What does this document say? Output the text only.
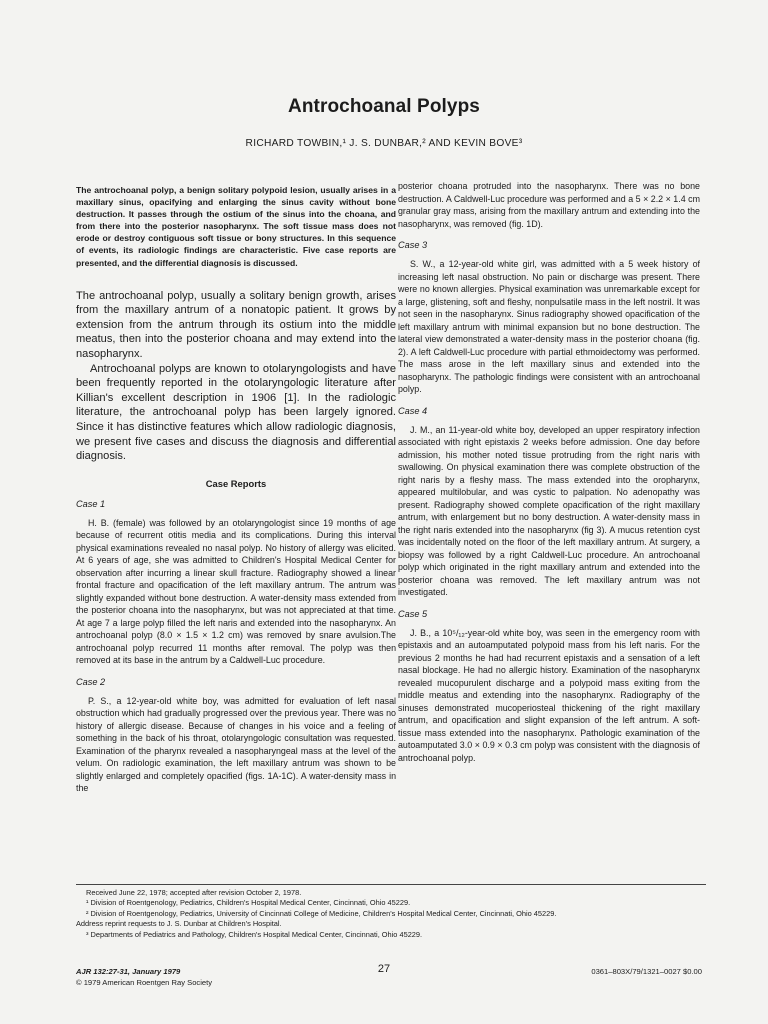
Antrochoanal Polyps
RICHARD TOWBIN,¹ J. S. DUNBAR,² AND KEVIN BOVE³

The antrochoanal polyp, a benign solitary polypoid lesion, usually arises in a maxillary sinus, opacifying and enlarging the sinus cavity without bone destruction. It passes through the ostium of the sinus into the choana, and from there into the posterior nasopharynx. The soft tissue mass does not erode or destroy contiguous soft tissue or bony structures. In this sequence of events, its radiologic findings are characteristic. Five case reports are presented, and the differential diagnosis is discussed.

The antrochoanal polyp, usually a solitary benign growth, arises from the maxillary antrum of a nonatopic patient. It grows by extension from the antrum through its ostium into the middle meatus, then into the posterior choana and may extend into the nasopharynx.

Antrochoanal polyps are known to otolaryngologists and have been frequently reported in the otolaryngologic literature after Killian's excellent description in 1906 [1]. In the radiologic literature, the antrochoanal polyp has been largely ignored. Since it has distinctive features which allow radiologic diagnosis, we present five cases and discuss the diagnosis and differential diagnosis.

Case Reports
Case 1

H. B. (female) was followed by an otolaryngologist since 19 months of age because of recurrent otitis media and its complications. During this interval physical examinations revealed no nasal polyp. No history of allergy was elicited. At 6 years of age, she was admitted to Children's Hospital Medical Center for observation after incurring a linear skull fracture. Radiography showed a linear frontal fracture and opacification of the left maxillary antrum. The antrum was slightly expanded without bone destruction. A water-density mass extended from the posterior choana into the nasopharynx, but was not appreciated at that time. At age 7 a large polyp filled the left naris and extended into the nasopharynx. An antrochoanal polyp (8.0 × 1.5 × 1.2 cm) was removed by snare avulsion.The antrochoanal polyp recurred 11 months after removal. The polyp was then removed at its base in the antrum by a Caldwell-Luc procedure.

Case 2

P. S., a 12-year-old white boy, was admitted for evaluation of left nasal obstruction which had gradually progressed over the previous year. There was no history of allergic disease. Because of changes in his voice and a feeling of something in the back of his throat, otolaryngologic consultation was requested. Examination of the pharynx revealed a nasopharyngeal mass at the level of the velum. On radiologic examination, the left maxillary antrum was shown to be slightly enlarged and completely opacified (figs. 1A-1C). A water-density mass in the

posterior choana protruded into the nasopharynx. There was no bone destruction. A Caldwell-Luc procedure was performed and a 5 × 2.2 × 1.4 cm granular gray mass, arising from the maxillary antrum and extending into the nasopharynx, was removed (fig. 1D).

Case 3

S. W., a 12-year-old white girl, was admitted with a 5 week history of increasing left nasal obstruction. No pain or discharge was present. There were no known allergies. Physical examination was unremarkable except for a large, glistening, soft and fleshy, nonpulsatile mass in the left nostril. It was not seen in the nasopharynx. Sinus radiography showed opacification of the left maxillary antrum with minimal expansion but no bone destruction. The lateral view demonstrated a water-density mass in the posterior choana (fig. 2). A left Caldwell-Luc procedure with partial ethmoidectomy was performed. The mass arose in the left maxillary sinus and extended into the nasopharynx. The pathologic findings were consistent with an antrochoanal polyp.

Case 4

J. M., an 11-year-old white boy, developed an upper respiratory infection associated with right epistaxis 2 weeks before admission. One day before admission, his mother noted tissue protruding from the right naris with swallowing. On physical examination there was complete obstruction of the right naris by a fleshy mass. The mass extended into the oropharynx, appeared multilobular, and was cystic to palpation. No adenopathy was present. Radiography showed complete opacification of the right maxillary antrum, with enlargement but no bony destruction. A water-density mass in the right naris extended into the nasopharynx (fig 3). A mucus retention cyst was incidentally noted on the floor of the left maxillary antrum. At surgery, a biopsy was followed by a right Caldwell-Luc procedure. An antrochoanal polyp which originated in the right maxillary antrum and extended into the posterior choana was removed. The left maxillary antrum was not investigated.

Case 5

J. B., a 10⁵/₁₂-year-old white boy, was seen in the emergency room with epistaxis and an autoamputated polypoid mass from his left naris. For the previous 2 months he had had recurrent epistaxis and a sensation of a left nasal blockage. He had no allergic history. Examination of the nasopharynx revealed mucopurulent discharge and a polypoid mass exiting from the middle meatus and extending into the nasopharynx. Radiography of the sinuses demonstrated mucoperiosteal thickening of the right maxillary antrum, and opacification and slight expansion of the left antrum. A soft-tissue mass extended into the nasopharynx. Pathologic examination of the autoamputated 3.0 × 0.9 × 0.3 cm polyp was consistent with the diagnosis of antrochoanal polyp.

Received June 22, 1978; accepted after revision October 2, 1978.
¹ Division of Roentgenology, Pediatrics, Children's Hospital Medical Center, Cincinnati, Ohio 45229.
² Division of Roentgenology, Pediatrics, University of Cincinnati College of Medicine, Children's Hospital Medical Center, Cincinnati, Ohio 45229.
Address reprint requests to J. S. Dunbar at Children's Hospital.
³ Departments of Pediatrics and Pathology, Children's Hospital Medical Center, Cincinnati, Ohio 45229.
AJR 132:27-31, January 1979
© 1979 American Roentgen Ray Society
27	0361–803X/79/1321–0027 $0.00
